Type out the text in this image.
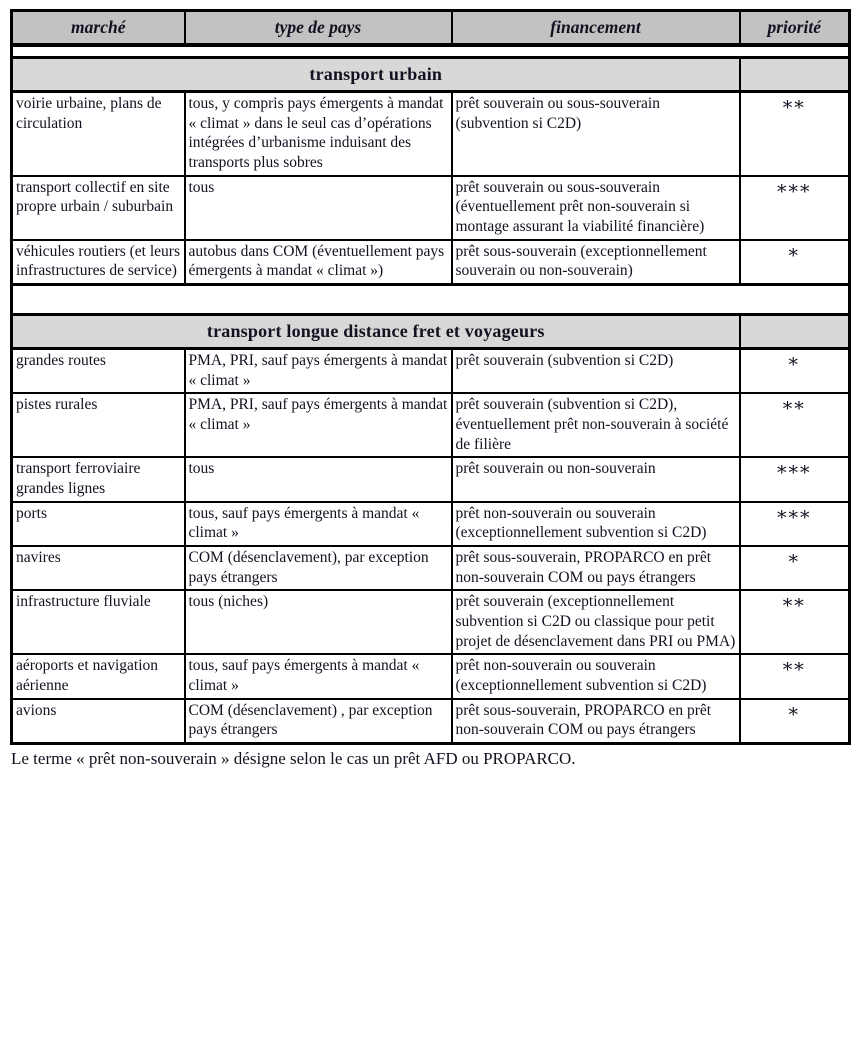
marché	type de pays	financement	priorité

transport urbain			
voirie urbaine, plans de circulation	tous, y compris pays émergents à mandat « climat » dans le seul cas d’opérations intégrées d’urbanisme induisant des transports plus sobres	prêt souverain ou sous-souverain (subvention si C2D)	**
transport collectif en site propre urbain / suburbain	tous	prêt souverain ou sous-souverain (éventuellement prêt non-souverain si montage assurant la viabilité financière)	***
véhicules routiers (et leurs infrastructures de service)	autobus dans COM (éventuellement pays émergents à mandat « climat »)	prêt sous-souverain (exceptionnellement souverain ou non-souverain)	*

transport longue distance fret et voyageurs			
grandes routes	PMA, PRI, sauf pays émergents à mandat « climat »	prêt souverain (subvention si C2D)	*
pistes rurales	PMA, PRI, sauf pays émergents à mandat « climat »	prêt souverain (subvention si C2D), éventuellement prêt non-souverain à société de filière	**
transport ferroviaire grandes lignes	tous	prêt souverain ou non-souverain	***
ports	tous, sauf pays émergents à mandat « climat »	prêt non-souverain ou souverain (exceptionnellement subvention si C2D)	***
navires	COM (désenclavement), par exception pays étrangers	prêt sous-souverain, PROPARCO en prêt non-souverain COM ou pays étrangers	*
infrastructure fluviale	tous (niches)	prêt souverain (exceptionnellement subvention si C2D ou classique pour petit projet de désenclavement dans PRI ou PMA)	**
aéroports et navigation aérienne	tous, sauf pays émergents à mandat « climat »	prêt non-souverain ou souverain (exceptionnellement subvention si C2D)	**
avions	COM (désenclavement) , par exception pays étrangers	prêt sous-souverain, PROPARCO en prêt non-souverain COM ou pays étrangers	*

Le terme « prêt non-souverain » désigne selon le cas un prêt AFD ou PROPARCO.
